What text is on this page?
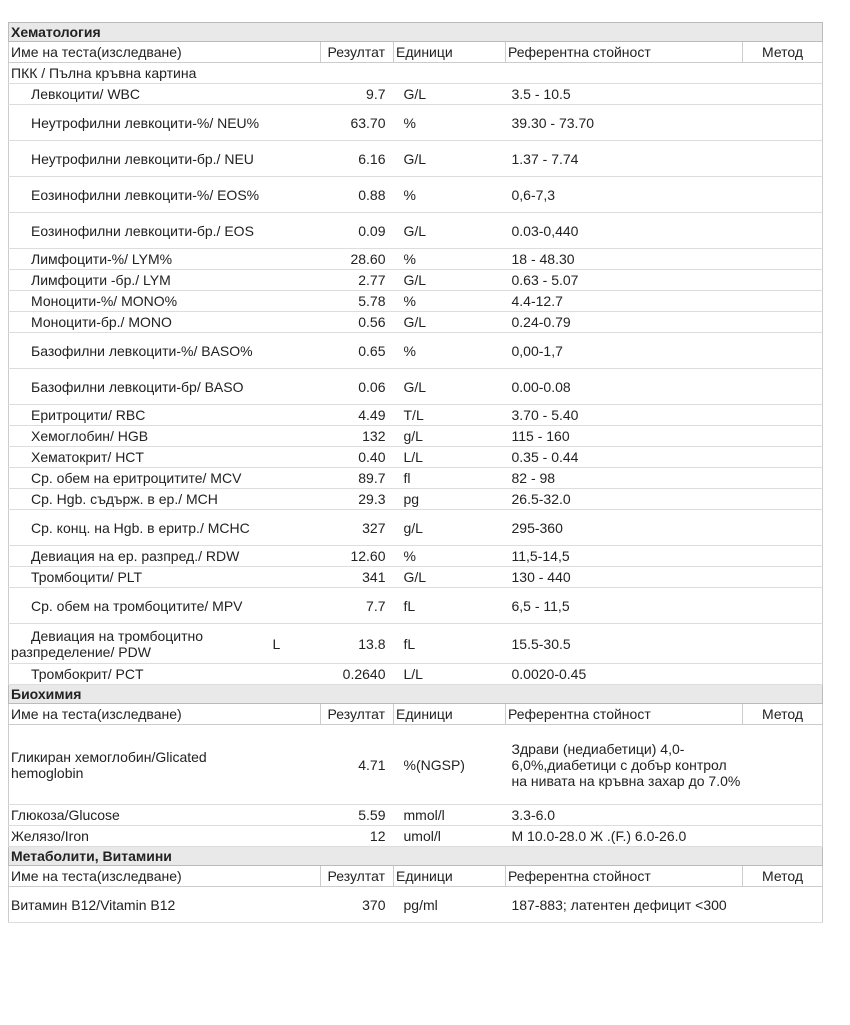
Хематология					
Име на теста(изследване)		Резултат	Единици	Референтна стойност	Метод
ПКК / Пълна кръвна картина					
Левкоцити/ WBC		9.7	G/L	3.5 - 10.5	
Неутрофилни левкоцити-%/ NEU%		63.70	%	39.30 - 73.70	
Неутрофилни левкоцити-бр./ NEU		6.16	G/L	1.37 - 7.74	
Еозинофилни левкоцити-%/ EOS%		0.88	%	0,6-7,3	
Еозинофилни левкоцити-бр./ EOS		0.09	G/L	0.03-0,440	
Лимфоцити-%/ LYM%		28.60	%	18 - 48.30	
Лимфоцити -бр./ LYM		2.77	G/L	0.63 - 5.07	
Моноцити-%/ MONO%		5.78	%	4.4-12.7	
Моноцити-бр./ MONO		0.56	G/L	0.24-0.79	
Базофилни левкоцити-%/ BASO%		0.65	%	0,00-1,7	
Базофилни левкоцити-бр/ BASO		0.06	G/L	0.00-0.08	
Еритроцити/ RBC		4.49	T/L	3.70 - 5.40	
Хемоглобин/ HGB		132	g/L	115 - 160	
Хематокрит/ HCT		0.40	L/L	0.35 - 0.44	
Ср. обем на еритроцитите/ MCV		89.7	fl	82 - 98	
Ср. Hgb. съдърж. в ер./ MCH		29.3	pg	26.5-32.0	
Ср. конц. на Hgb. в еритр./ MCHC		327	g/L	295-360	
Девиация на ер. разпред./ RDW		12.60	%	11,5-14,5	
Тромбоцити/ PLT		341	G/L	130 - 440	
Ср. обем на тромбоцитите/ MPV		7.7	fL	6,5 - 11,5	
Девиация на тромбоцитно разпределение/ PDW	L	13.8	fL	15.5-30.5	
Тромбокрит/ PCT		0.2640	L/L	0.0020-0.45	
Биохимия					
Име на теста(изследване)		Резултат	Единици	Референтна стойност	Метод
Гликиран хемоглобин/Glicated hemoglobin		4.71	%(NGSP)	Здрави (недиабетици) 4,0-6,0%,диабетици с добър контрол на нивата на кръвна захар до 7.0%	
Глюкоза/Glucose		5.59	mmol/l	3.3-6.0	
Желязо/Iron		12	umol/l	М 10.0-28.0 Ж .(F.) 6.0-26.0	
Метаболити, Витамини					
Име на теста(изследване)		Резултат	Единици	Референтна стойност	Метод
Витамин B12/Vitamin B12		370	pg/ml	187-883; латентен дефицит <300	
